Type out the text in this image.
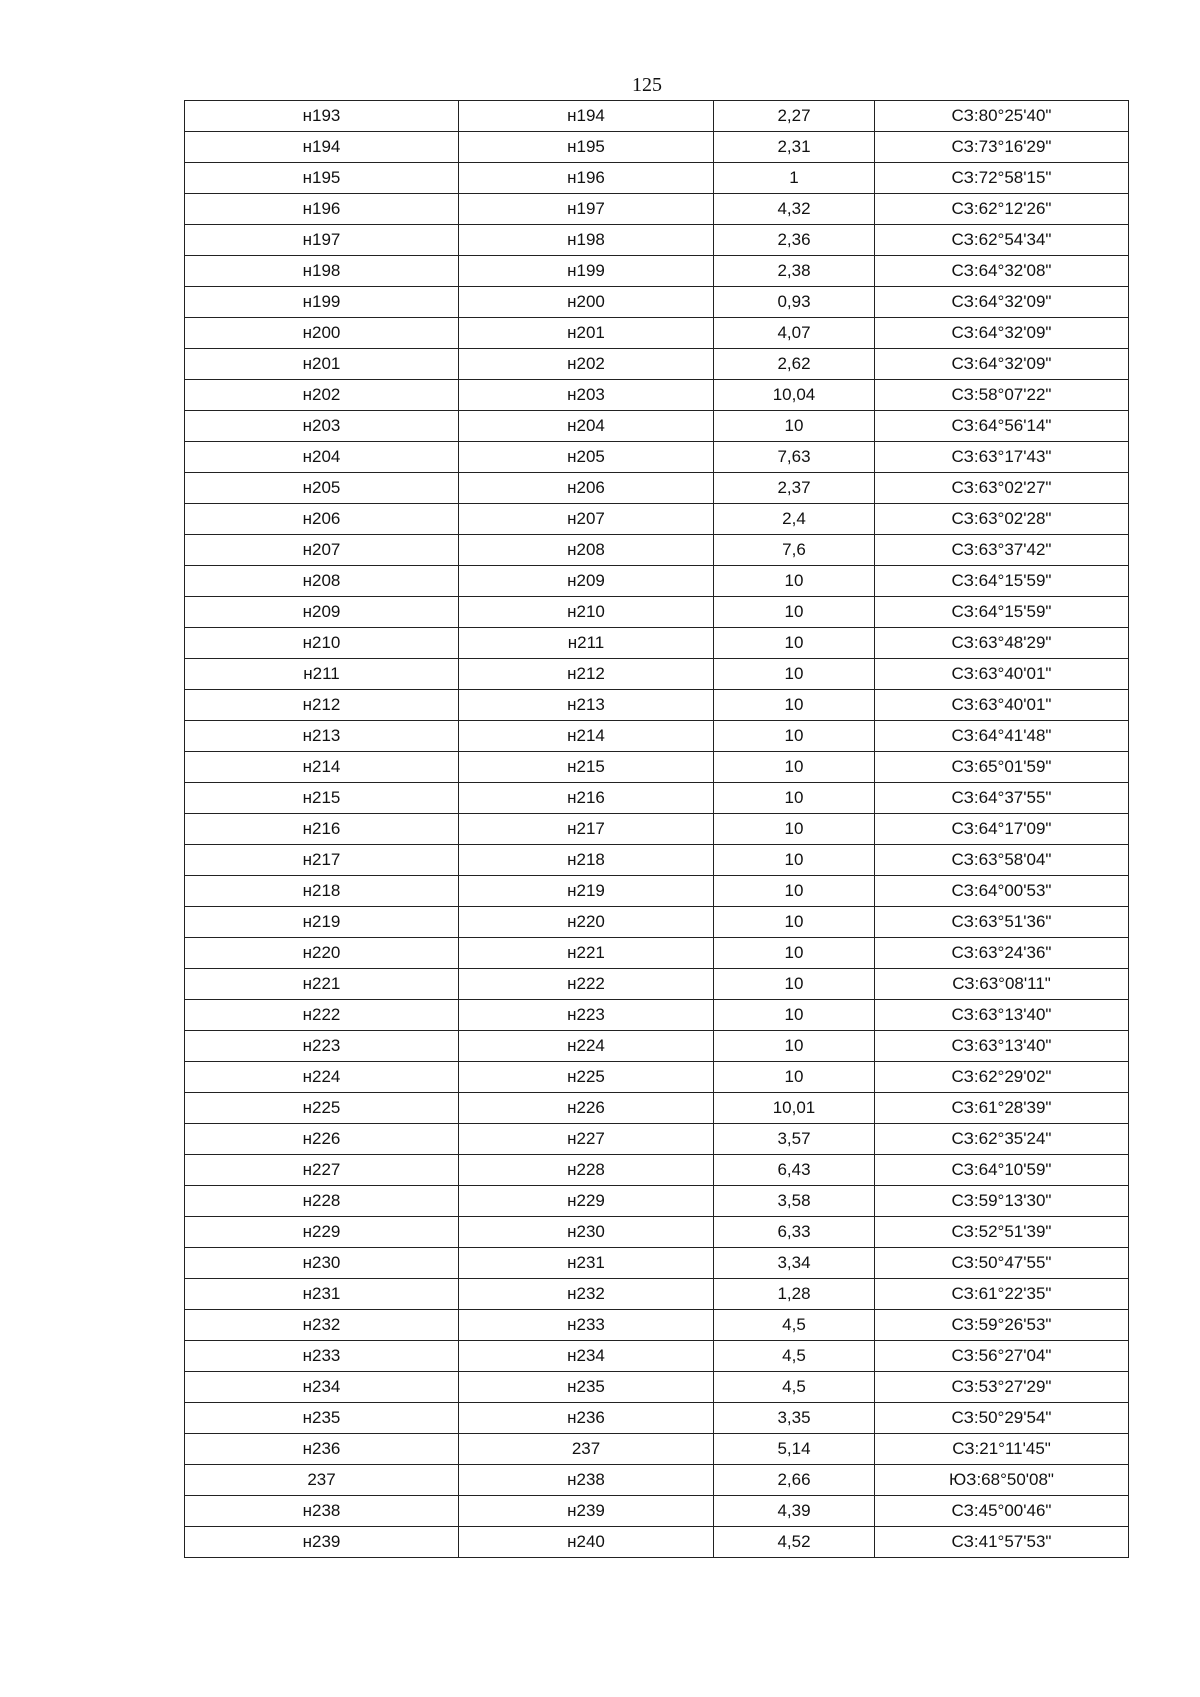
125
н193	н194	2,27	СЗ:80°25'40"
н194	н195	2,31	СЗ:73°16'29"
н195	н196	1	СЗ:72°58'15"
н196	н197	4,32	СЗ:62°12'26"
н197	н198	2,36	СЗ:62°54'34"
н198	н199	2,38	СЗ:64°32'08"
н199	н200	0,93	СЗ:64°32'09"
н200	н201	4,07	СЗ:64°32'09"
н201	н202	2,62	СЗ:64°32'09"
н202	н203	10,04	СЗ:58°07'22"
н203	н204	10	СЗ:64°56'14"
н204	н205	7,63	СЗ:63°17'43"
н205	н206	2,37	СЗ:63°02'27"
н206	н207	2,4	СЗ:63°02'28"
н207	н208	7,6	СЗ:63°37'42"
н208	н209	10	СЗ:64°15'59"
н209	н210	10	СЗ:64°15'59"
н210	н211	10	СЗ:63°48'29"
н211	н212	10	СЗ:63°40'01"
н212	н213	10	СЗ:63°40'01"
н213	н214	10	СЗ:64°41'48"
н214	н215	10	СЗ:65°01'59"
н215	н216	10	СЗ:64°37'55"
н216	н217	10	СЗ:64°17'09"
н217	н218	10	СЗ:63°58'04"
н218	н219	10	СЗ:64°00'53"
н219	н220	10	СЗ:63°51'36"
н220	н221	10	СЗ:63°24'36"
н221	н222	10	СЗ:63°08'11"
н222	н223	10	СЗ:63°13'40"
н223	н224	10	СЗ:63°13'40"
н224	н225	10	СЗ:62°29'02"
н225	н226	10,01	СЗ:61°28'39"
н226	н227	3,57	СЗ:62°35'24"
н227	н228	6,43	СЗ:64°10'59"
н228	н229	3,58	СЗ:59°13'30"
н229	н230	6,33	СЗ:52°51'39"
н230	н231	3,34	СЗ:50°47'55"
н231	н232	1,28	СЗ:61°22'35"
н232	н233	4,5	СЗ:59°26'53"
н233	н234	4,5	СЗ:56°27'04"
н234	н235	4,5	СЗ:53°27'29"
н235	н236	3,35	СЗ:50°29'54"
н236	237	5,14	СЗ:21°11'45"
237	н238	2,66	ЮЗ:68°50'08"
н238	н239	4,39	СЗ:45°00'46"
н239	н240	4,52	СЗ:41°57'53"
